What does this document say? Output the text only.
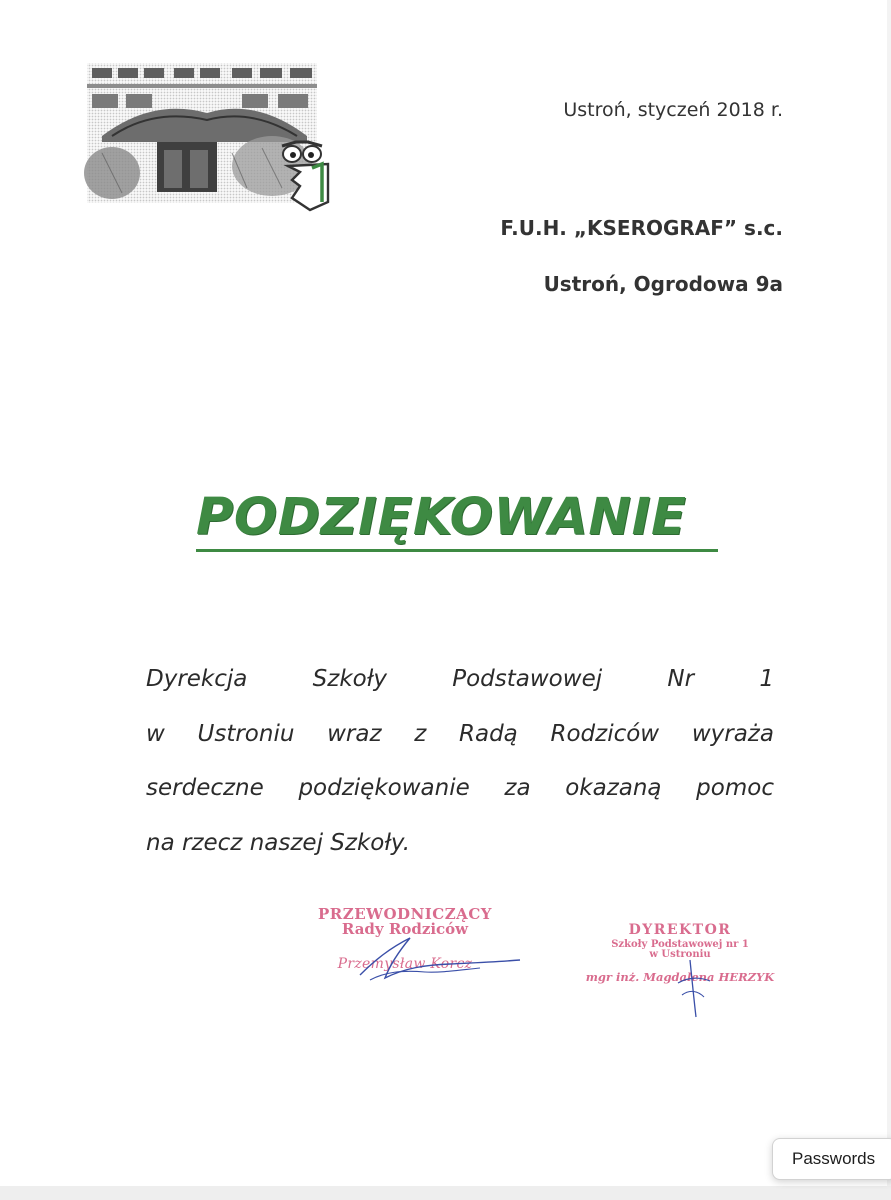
Ustroń, styczeń 2018 r.
F.U.H. „KSEROGRAF” s.c.
Ustroń, Ogrodowa 9a
PODZIĘKOWANIE
Dyrekcja	Szkoły	Podstawowej	Nr	1
w Ustroniu wraz z Radą Rodziców wyraża
serdeczne podziękowanie za okazaną pomoc
na rzecz naszej Szkoły.
PRZEWODNICZĄCY
Rady Rodziców
Przemysław Korcz
DYREKTOR
Szkoły Podstawowej nr 1
w Ustroniu
mgr inż. Magdalena HERZYK
Passwords
